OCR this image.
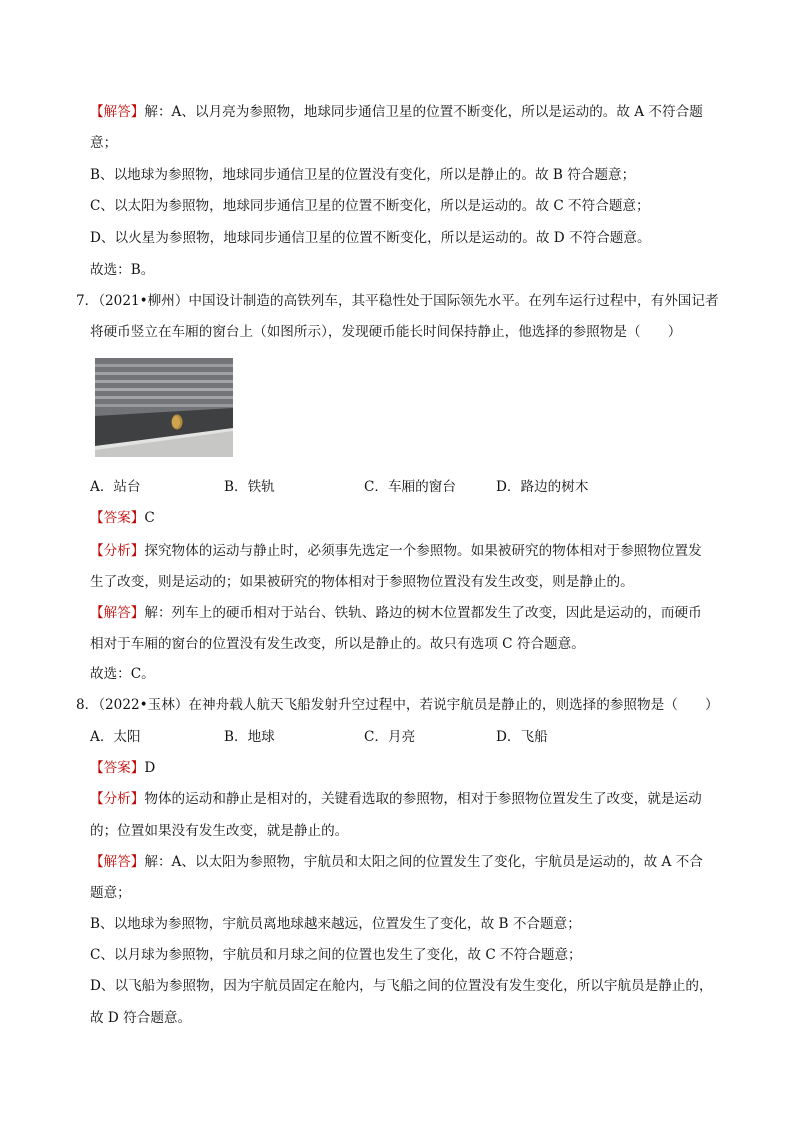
【解答】解：A、以月亮为参照物，地球同步通信卫星的位置不断变化，所以是运动的。故 A 不符合题
意；
B、以地球为参照物，地球同步通信卫星的位置没有变化，所以是静止的。故 B 符合题意；
C、以太阳为参照物，地球同步通信卫星的位置不断变化，所以是运动的。故 C 不符合题意；
D、以火星为参照物，地球同步通信卫星的位置不断变化，所以是运动的。故 D 不符合题意。
故选：B。
7．（2021•柳州）中国设计制造的高铁列车，其平稳性处于国际领先水平。在列车运行过程中，有外国记者
将硬币竖立在车厢的窗台上（如图所示），发现硬币能长时间保持静止，他选择的参照物是（　　）
A．站台	B．铁轨	C．车厢的窗台	D．路边的树木
【答案】C
【分析】探究物体的运动与静止时，必须事先选定一个参照物。如果被研究的物体相对于参照物位置发
生了改变，则是运动的；如果被研究的物体相对于参照物位置没有发生改变，则是静止的。
【解答】解：列车上的硬币相对于站台、铁轨、路边的树木位置都发生了改变，因此是运动的，而硬币
相对于车厢的窗台的位置没有发生改变，所以是静止的。故只有选项 C 符合题意。
故选：C。
8．（2022•玉林）在神舟载人航天飞船发射升空过程中，若说宇航员是静止的，则选择的参照物是（　　）
A．太阳	B．地球	C．月亮	D．飞船
【答案】D
【分析】物体的运动和静止是相对的，关键看选取的参照物，相对于参照物位置发生了改变，就是运动
的；位置如果没有发生改变，就是静止的。
【解答】解：A、以太阳为参照物，宇航员和太阳之间的位置发生了变化，宇航员是运动的，故 A 不合
题意；
B、以地球为参照物，宇航员离地球越来越远，位置发生了变化，故 B 不合题意；
C、以月球为参照物，宇航员和月球之间的位置也发生了变化，故 C 不符合题意；
D、以飞船为参照物，因为宇航员固定在舱内，与飞船之间的位置没有发生变化，所以宇航员是静止的，
故 D 符合题意。
